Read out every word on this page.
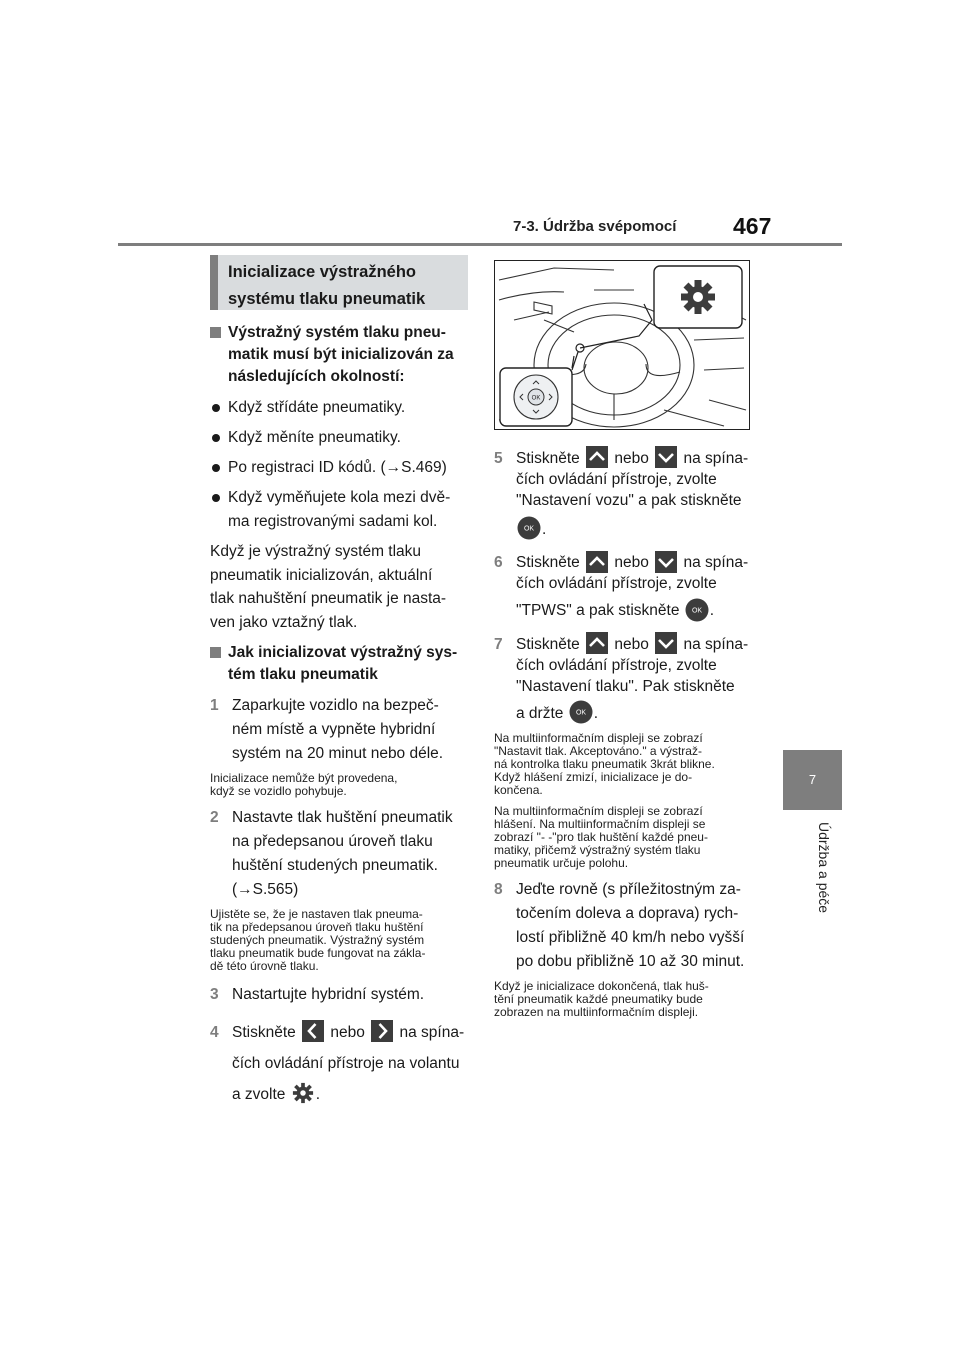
7-3. Údržba svépomocí 467
7
Údržba a péče
Inicializace výstražného
systému tlaku pneumatik
Výstražný systém tlaku pneu-
matik musí být inicializován za
následujících okolností:
Když střídáte pneumatiky.
Když měníte pneumatiky.
Po registraci ID kódů. (→S.469)
Když vyměňujete kola mezi dvě-
ma registrovanými sadami kol.
Když je výstražný systém tlaku
pneumatik inicializován, aktuální
tlak nahuštění pneumatik je nasta-
ven jako vztažný tlak.
Jak inicializovat výstražný sys-
tém tlaku pneumatik
1 Zaparkujte vozidlo na bezpeč-
ném místě a vypněte hybridní
systém na 20 minut nebo déle.
Inicializace nemůže být provedena,
když se vozidlo pohybuje.
2 Nastavte tlak huštění pneumatik
na předepsanou úroveň tlaku
huštění studených pneumatik.
(→S.565)
Ujistěte se, že je nastaven tlak pneuma-
tik na předepsanou úroveň tlaku huštění
studených pneumatik. Výstražný systém
tlaku pneumatik bude fungovat na zákla-
dě této úrovně tlaku.
3 Nastartujte hybridní systém.
4 Stiskněte nebo na spína-
čích ovládání přístroje na volantu
a zvolte .
OK
5 Stiskněte nebo na spína-
čích ovládání přístroje, zvolte
"Nastavení vozu" a pak stiskněte
OK .
6 Stiskněte nebo na spína-
čích ovládání přístroje, zvolte
"TPWS" a pak stiskněte OK .
7 Stiskněte nebo na spína-
čích ovládání přístroje, zvolte
"Nastavení tlaku". Pak stiskněte
a držte OK .
Na multiinformačním displeji se zobrazí
"Nastavit tlak. Akceptováno." a výstraž-
ná kontrolka tlaku pneumatik 3krát blikne.
Když hlášení zmizí, inicializace je do-
končena.
Na multiinformačním displeji se zobrazí
hlášení. Na multiinformačním displeji se
zobrazí "- -"pro tlak huštění každé pneu-
matiky, přičemž výstražný systém tlaku
pneumatik určuje polohu.
8 Jeďte rovně (s příležitostným za-
točením doleva a doprava) rych-
lostí přibližně 40 km/h nebo vyšší
po dobu přibližně 10 až 30 minut.
Když je inicializace dokončená, tlak huš-
tění pneumatik každé pneumatiky bude
zobrazen na multiinformačním displeji.
